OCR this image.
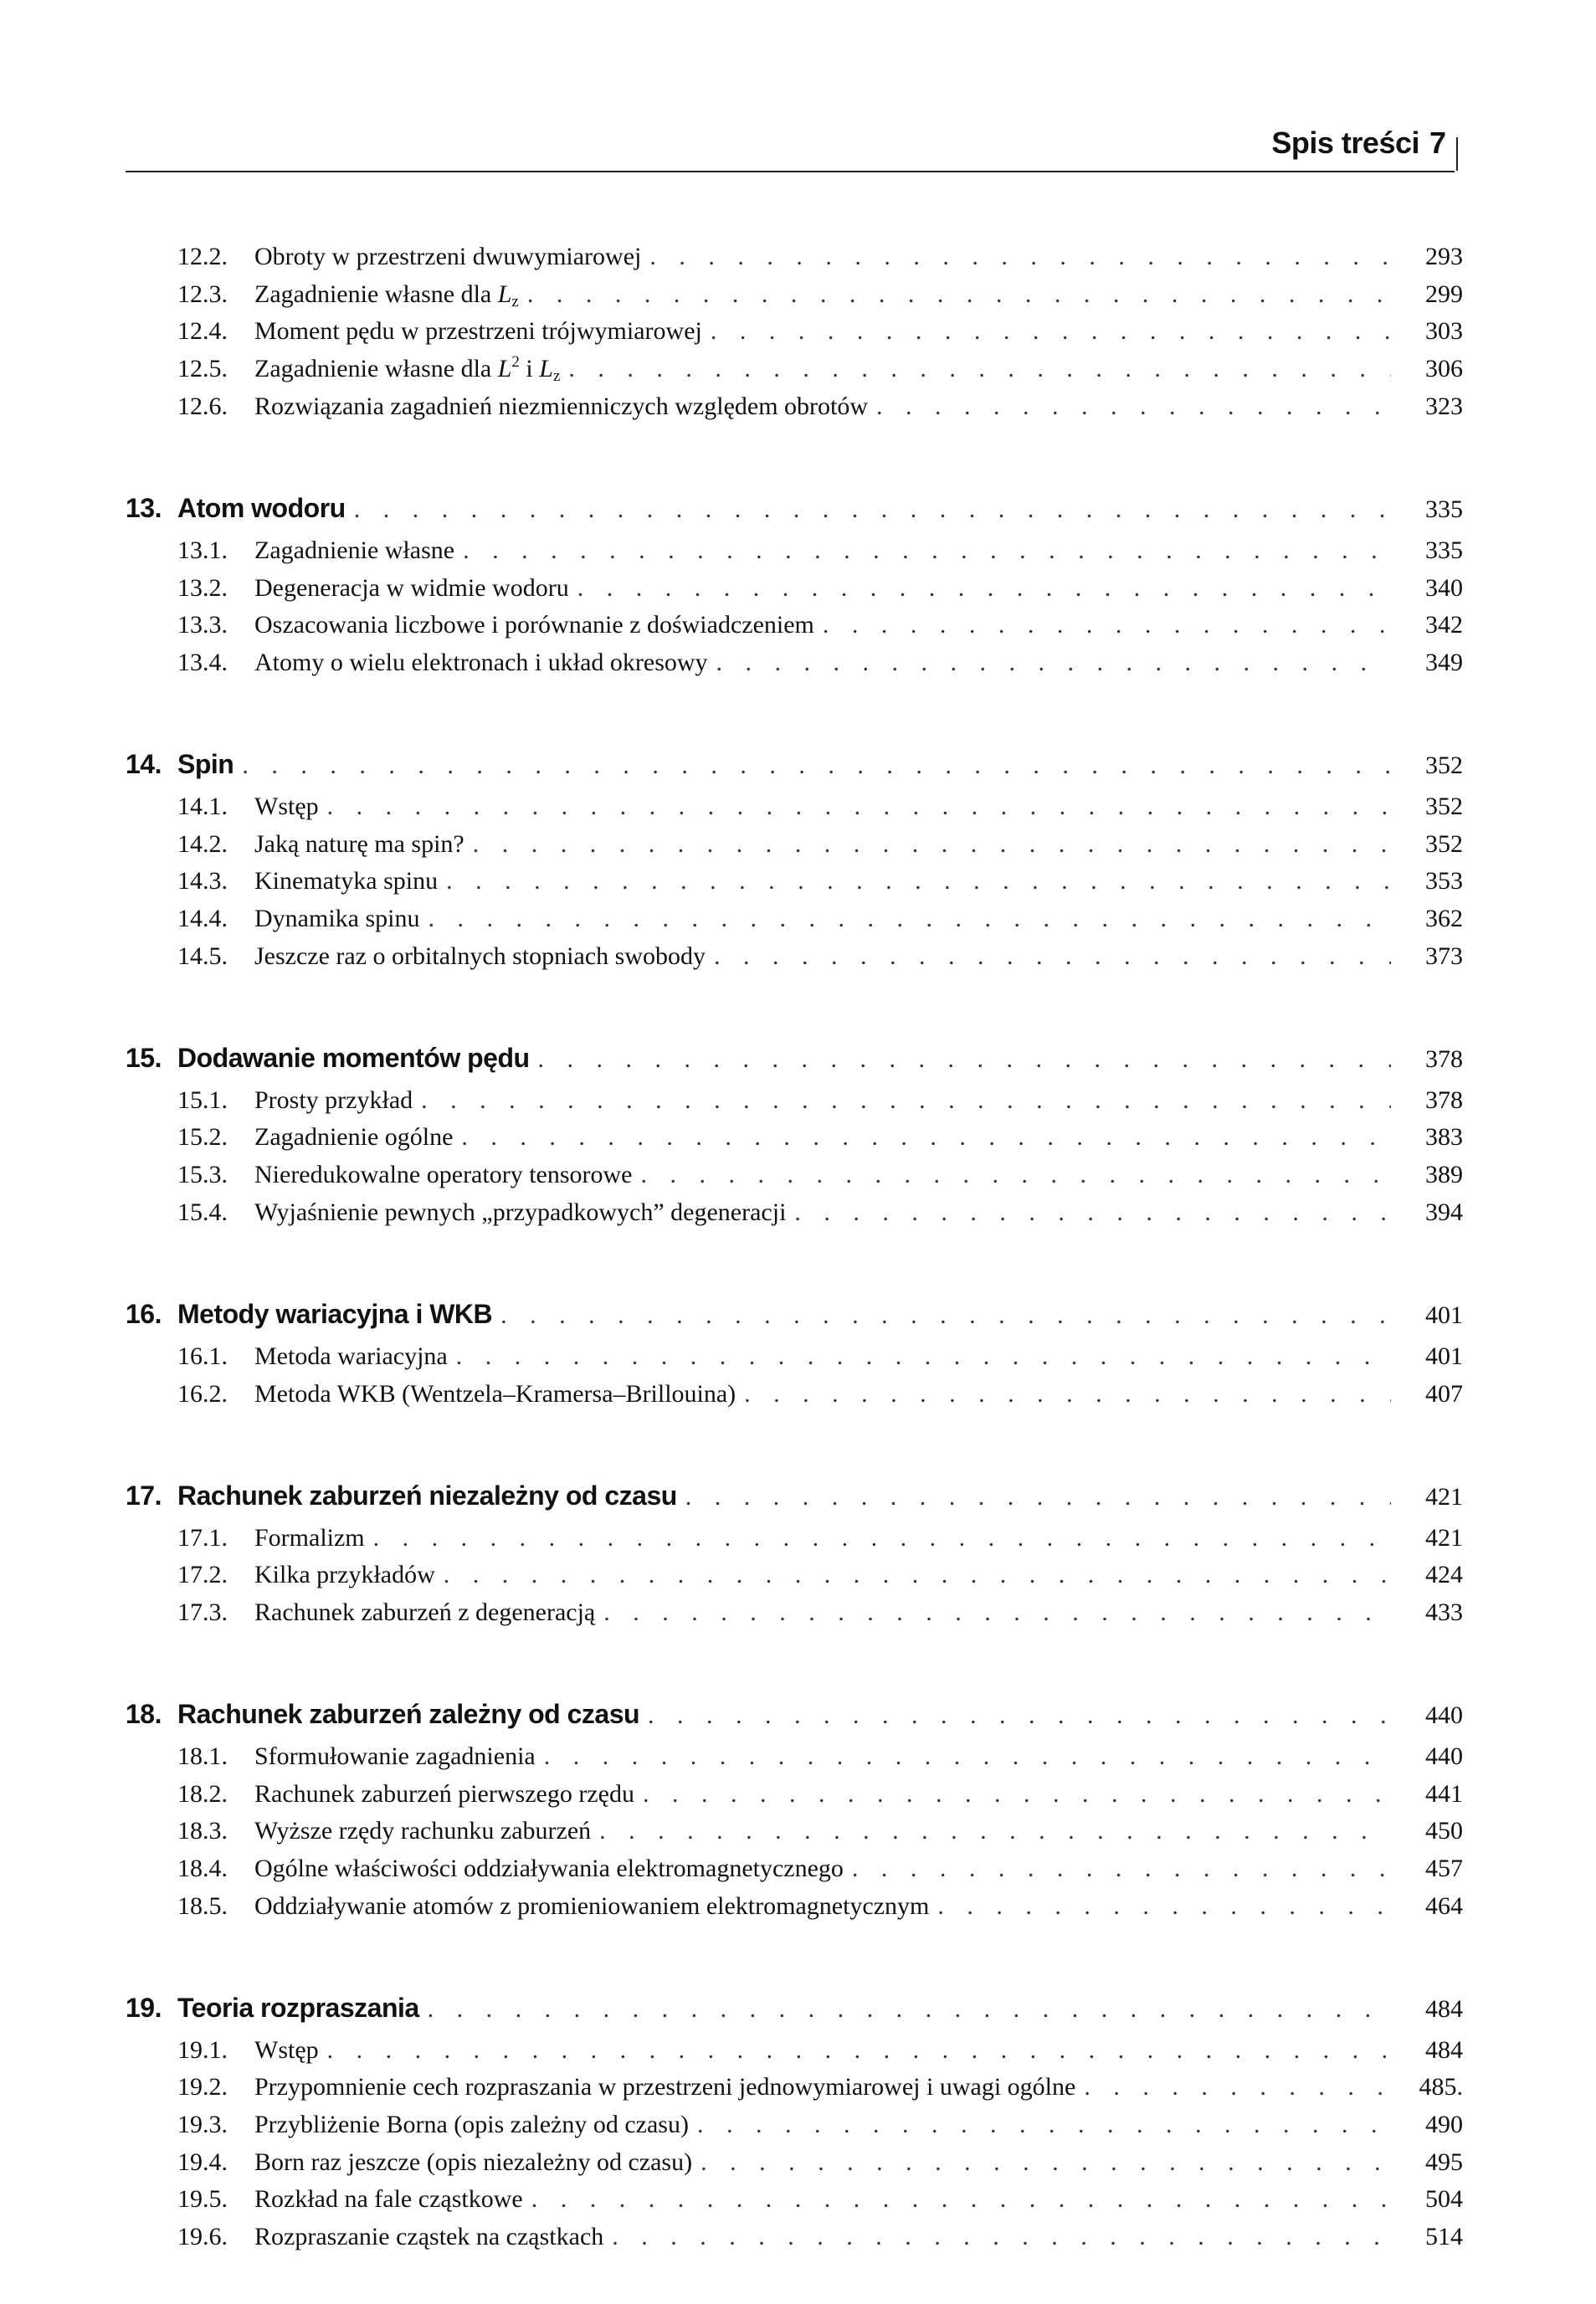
Spis treści 7
12.2.	Obroty w przestrzeni dwuwymiarowej . . .	293
12.3.	Zagadnienie własne dla $L_z$ . . .	299
12.4.	Moment pędu w przestrzeni trójwymiarowej . . .	303
12.5.	Zagadnienie własne dla $L^2$ i $L_z$ . . .	306
12.6.	Rozwiązania zagadnień niezmienniczych względem obrotów . . .	323
13. Atom wodoru . . .	335
13.1.	Zagadnienie własne . . .	335
13.2.	Degeneracja w widmie wodoru . . .	340
13.3.	Oszacowania liczbowe i porównanie z doświadczeniem . . .	342
13.4.	Atomy o wielu elektronach i układ okresowy . . .	349
14. Spin . . .	352
14.1.	Wstęp . . .	352
14.2.	Jaką naturę ma spin? . . .	352
14.3.	Kinematyka spinu . . .	353
14.4.	Dynamika spinu . . .	362
14.5.	Jeszcze raz o orbitalnych stopniach swobody . . .	373
15. Dodawanie momentów pędu . . .	378
15.1.	Prosty przykład . . .	378
15.2.	Zagadnienie ogólne . . .	383
15.3.	Nieredukowalne operatory tensorowe . . .	389
15.4.	Wyjaśnienie pewnych „przypadkowych” degeneracji . . .	394
16. Metody wariacyjna i WKB . . .	401
16.1.	Metoda wariacyjna . . .	401
16.2.	Metoda WKB (Wentzela–Kramersa–Brillouina) . . .	407
17. Rachunek zaburzeń niezależny od czasu . . .	421
17.1.	Formalizm . . .	421
17.2.	Kilka przykładów . . .	424
17.3.	Rachunek zaburzeń z degeneracją . . .	433
18. Rachunek zaburzeń zależny od czasu . . .	440
18.1.	Sformułowanie zagadnienia . . .	440
18.2.	Rachunek zaburzeń pierwszego rzędu . . .	441
18.3.	Wyższe rzędy rachunku zaburzeń . . .	450
18.4.	Ogólne właściwości oddziaływania elektromagnetycznego . . .	457
18.5.	Oddziaływanie atomów z promieniowaniem elektromagnetycznym . . .	464
19. Teoria rozpraszania . . .	484
19.1.	Wstęp . . .	484
19.2.	Przypomnienie cech rozpraszania w przestrzeni jednowymiarowej i uwagi ogólne . . .	485.
19.3.	Przybliżenie Borna (opis zależny od czasu) . . .	490
19.4.	Born raz jeszcze (opis niezależny od czasu) . . .	495
19.5.	Rozkład na fale cząstkowe . . .	504
19.6.	Rozpraszanie cząstek na cząstkach . . .	514
